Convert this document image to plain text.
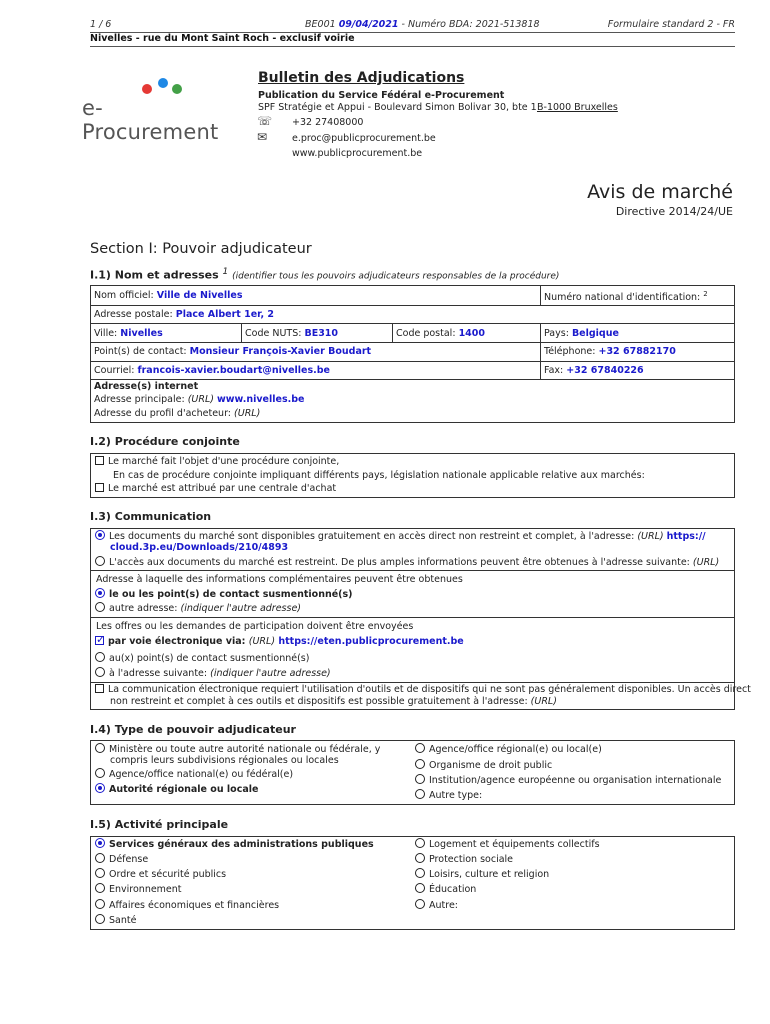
1 / 6	BE001 09/04/2021 - Numéro BDA: 2021-513818	Formulaire standard 2 - FR
Nivelles - rue du Mont Saint Roch - exclusif voirie
e-Procurement
Bulletin des Adjudications
Publication du Service Fédéral e-Procurement
SPF Stratégie et Appui - Boulevard Simon Bolivar 30, bte 1 B-1000 Bruxelles
☏ +32 27408000
✉	e.proc@publicprocurement.be
www.publicprocurement.be
Avis de marché
Directive 2014/24/UE
Section I: Pouvoir adjudicateur
I.1) Nom et adresses $^1$ (identifier tous les pouvoirs adjudicateurs responsables de la procédure)
Nom officiel: Ville de Nivelles	Numéro national d'identification: $^2$
Adresse postale: Place Albert 1er, 2
Ville: Nivelles	Code NUTS: BE310	Code postal: 1400	Pays: Belgique
Point(s) de contact: Monsieur François-Xavier Boudart	Téléphone: +32 67882170
Courriel: francois-xavier.boudart@nivelles.be	Fax: +32 67840226
Adresse(s) internet
Adresse principale: (URL) www.nivelles.be
Adresse du profil d'acheteur: (URL)
I.2) Procédure conjointe
Le marché fait l'objet d'une procédure conjointe,
En cas de procédure conjointe impliquant différents pays, législation nationale applicable relative aux marchés:
Le marché est attribué par une centrale d'achat
I.3) Communication
Les documents du marché sont disponibles gratuitement en accès direct non restreint et complet, à l'adresse: (URL) https://
cloud.3p.eu/Downloads/210/4893
L'accès aux documents du marché est restreint. De plus amples informations peuvent être obtenues à l'adresse suivante: (URL)
Adresse à laquelle des informations complémentaires peuvent être obtenues
le ou les point(s) de contact susmentionné(s)
autre adresse: (indiquer l'autre adresse)
Les offres ou les demandes de participation doivent être envoyées
✓par voie électronique via: (URL) https://eten.publicprocurement.be
au(x) point(s) de contact susmentionné(s)
à l'adresse suivante: (indiquer l'autre adresse)
La communication électronique requiert l'utilisation d'outils et de dispositifs qui ne sont pas généralement disponibles. Un accès direct
non restreint et complet à ces outils et dispositifs est possible gratuitement à l'adresse: (URL)
I.4) Type de pouvoir adjudicateur
Ministère ou toute autre autorité nationale ou fédérale, y
compris leurs subdivisions régionales ou locales
Agence/office national(e) ou fédéral(e)
Autorité régionale ou locale
Agence/office régional(e) ou local(e)
Organisme de droit public
Institution/agence européenne ou organisation internationale
Autre type:
I.5) Activité principale
Services généraux des administrations publiques
Défense
Ordre et sécurité publics
Environnement
Affaires économiques et financières
Santé
Logement et équipements collectifs
Protection sociale
Loisirs, culture et religion
Éducation
Autre:
